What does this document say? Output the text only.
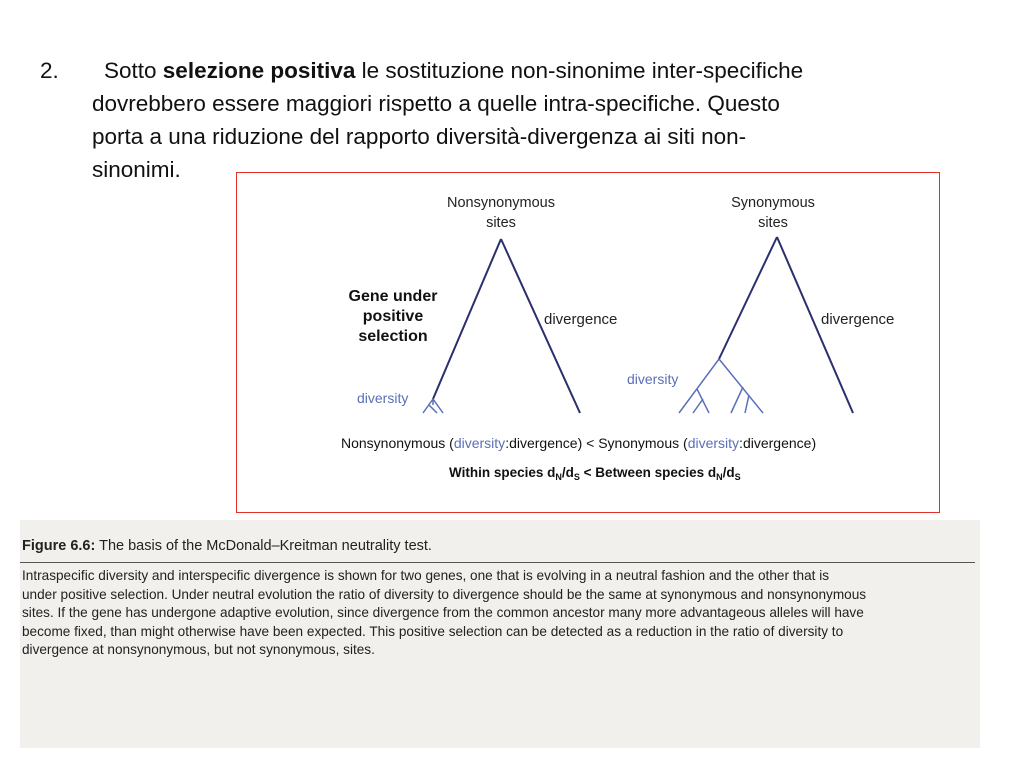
2. Sotto selezione positiva le sostituzione non-sinonime inter-specifiche
dovrebbero essere maggiori rispetto a quelle intra-specifiche. Questo
porta a una riduzione del rapporto diversità-divergenza ai siti non-
sinonimi.
Nonsynonymous
sites
Synonymous
sites
Gene under
positive
selection
divergence
diversity
divergence
diversity
Nonsynonymous (diversity:divergence) < Synonymous (diversity:divergence)
Within species $d_N/d_S$ < Between species $d_N/d_S$
Figure 6.6: The basis of the McDonald–Kreitman neutrality test.
Intraspecific diversity and interspecific divergence is shown for two genes, one that is evolving in a neutral fashion and the other that is
under positive selection. Under neutral evolution the ratio of diversity to divergence should be the same at synonymous and nonsynonymous
sites. If the gene has undergone adaptive evolution, since divergence from the common ancestor many more advantageous alleles will have
become fixed, than might otherwise have been expected. This positive selection can be detected as a reduction in the ratio of diversity to
divergence at nonsynonymous, but not synonymous, sites.
